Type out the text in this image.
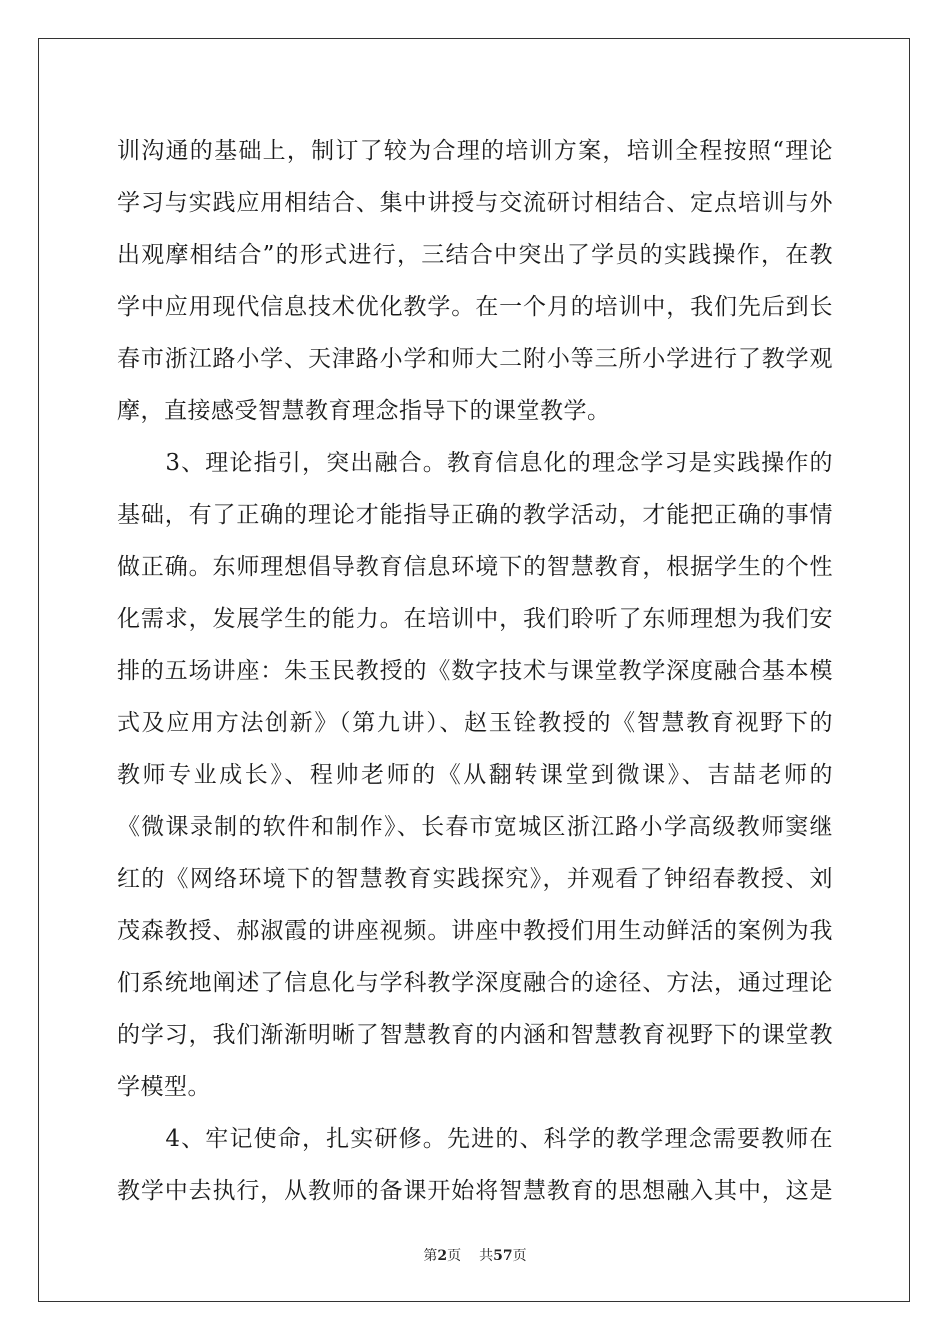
训沟通的基础上，制订了较为合理的培训方案，培训全程按照“理论
学习与实践应用相结合、集中讲授与交流研讨相结合、定点培训与外
出观摩相结合”的形式进行，三结合中突出了学员的实践操作，在教
学中应用现代信息技术优化教学。在一个月的培训中，我们先后到长
春市浙江路小学、天津路小学和师大二附小等三所小学进行了教学观
摩，直接感受智慧教育理念指导下的课堂教学。
　　3、理论指引，突出融合。教育信息化的理念学习是实践操作的
基础，有了正确的理论才能指导正确的教学活动，才能把正确的事情
做正确。东师理想倡导教育信息环境下的智慧教育，根据学生的个性
化需求，发展学生的能力。在培训中，我们聆听了东师理想为我们安
排的五场讲座：朱玉民教授的《数字技术与课堂教学深度融合基本模
式及应用方法创新》（第九讲）、赵玉铨教授的《智慧教育视野下的
教师专业成长》、程帅老师的《从翻转课堂到微课》、吉喆老师的
《微课录制的软件和制作》、长春市宽城区浙江路小学高级教师窦继
红的《网络环境下的智慧教育实践探究》，并观看了钟绍春教授、刘
茂森教授、郝淑霞的讲座视频。讲座中教授们用生动鲜活的案例为我
们系统地阐述了信息化与学科教学深度融合的途径、方法，通过理论
的学习，我们渐渐明晰了智慧教育的内涵和智慧教育视野下的课堂教
学模型。
　　4、牢记使命，扎实研修。先进的、科学的教学理念需要教师在
教学中去执行，从教师的备课开始将智慧教育的思想融入其中，这是
第2页 共57页
